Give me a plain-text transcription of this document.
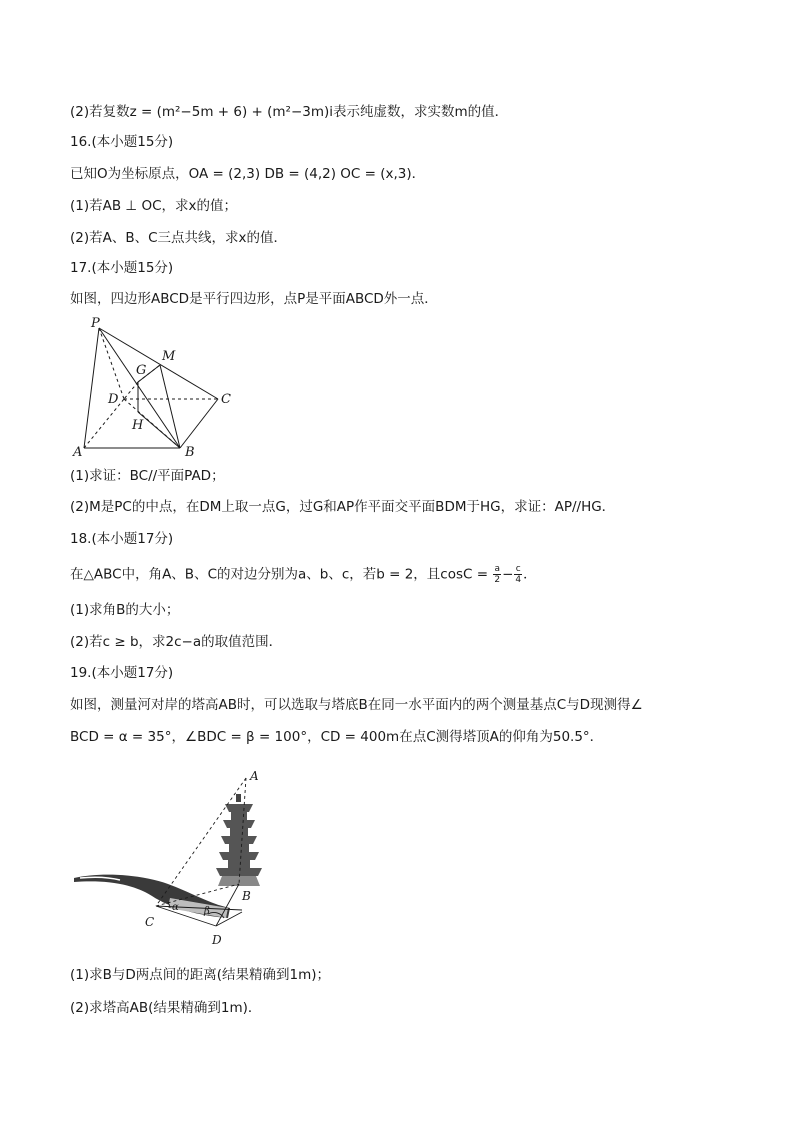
(2)若复数z = (m²−5m + 6) + (m²−3m)i表示纯虚数，求实数m的值．
16.(本小题15分)
已知O为坐标原点，OA = (2,3) DB = (4,2) OC = (x,3)．
(1)若AB ⊥ OC，求x的值；
(2)若A、B、C三点共线，求x的值．
17.(本小题15分)
如图，四边形ABCD是平行四边形，点P是平面ABCD外一点．
P
M
G
D	C
H
A	B
(1)求证：BC//平面PAD；
(2)M是PC的中点，在DM上取一点G，过G和AP作平面交平面BDM于HG，求证：AP//HG．
18.(本小题17分)
在△ABC中，角A、B、C的对边分别为a、b、c，若b = 2，且$\cos C = \frac{a}{2} - \frac{c}{4}$ ．
(1)求角B的大小；
(2)若c ≥ b，求2c−a的取值范围．
19.(本小题17分)
如图，测量河对岸的塔高AB时，可以选取与塔底B在同一水平面内的两个测量基点C与D现测得∠
BCD = α = 35°，∠BDC = β = 100°，CD = 400m在点C测得塔顶A的仰角为50.5°．
A
B
C
D
α	β
(1)求B与D两点间的距离(结果精确到1m)；
(2)求塔高AB(结果精确到1m)．
